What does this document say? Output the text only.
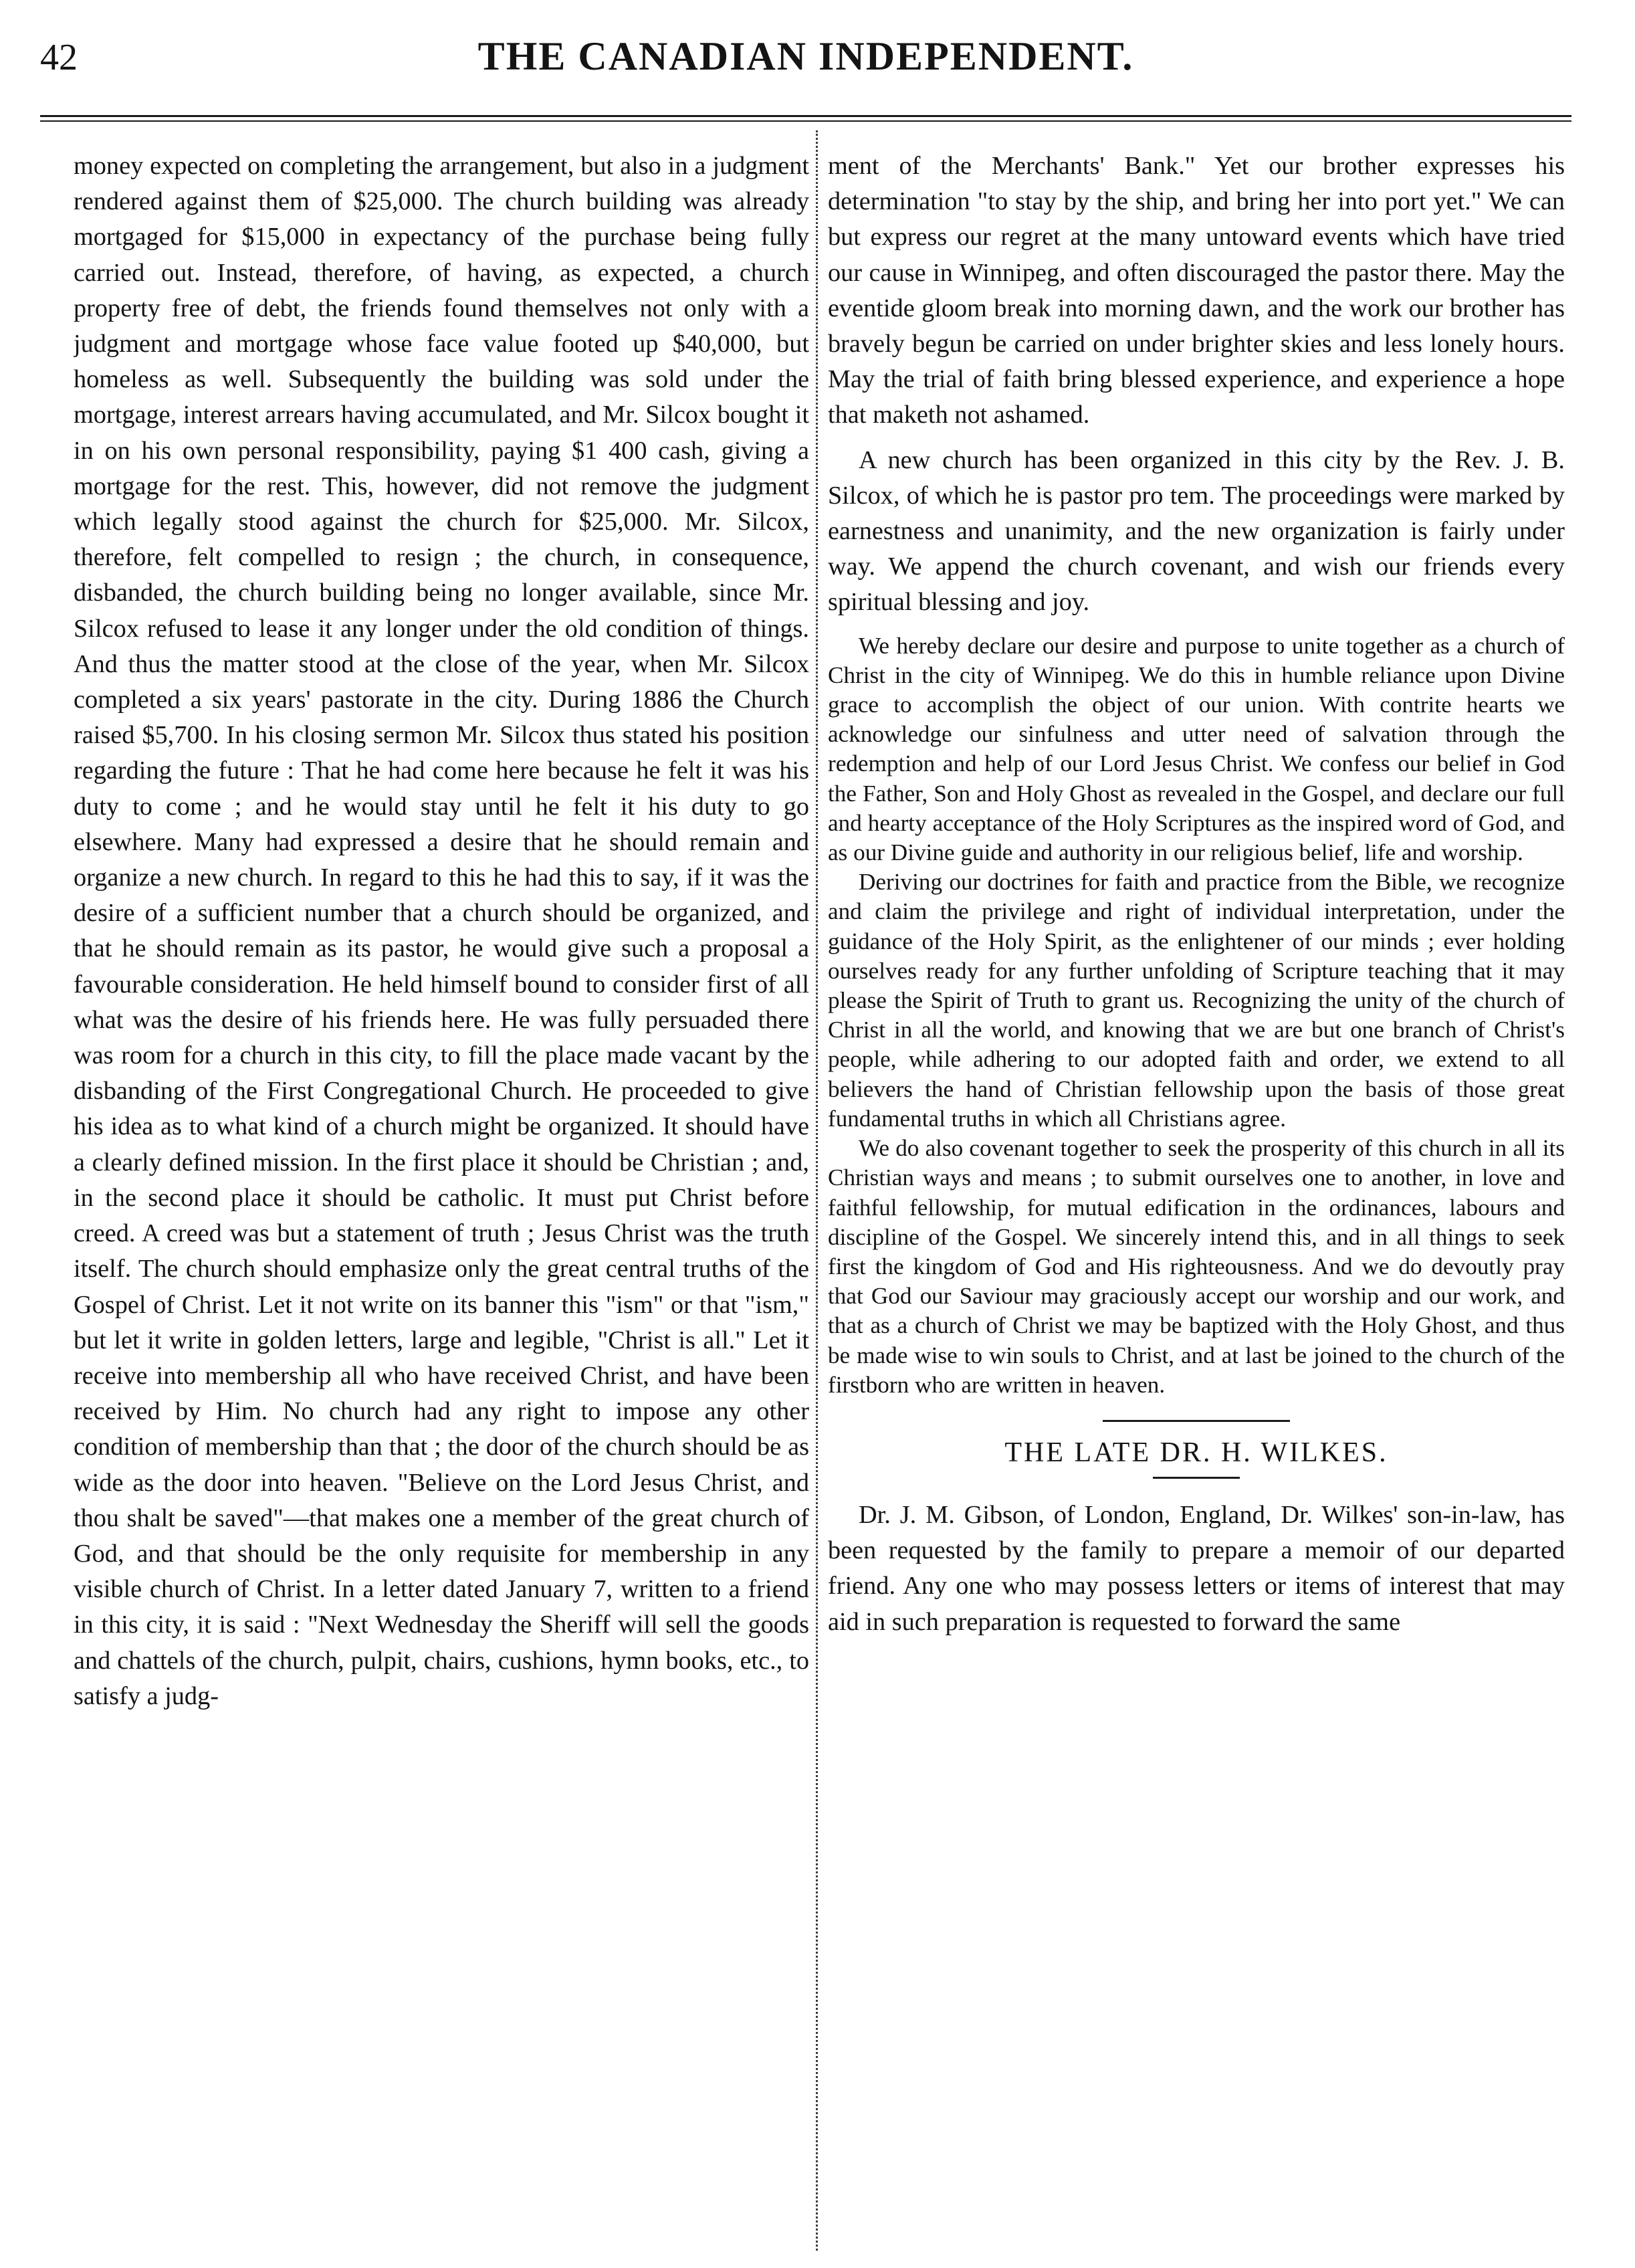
42	THE CANADIAN INDEPENDENT.

money expected on completing the arrangement, but also in a judgment rendered against them of $25,000. The church building was already mortgaged for $15,000 in expectancy of the purchase being fully carried out. Instead, therefore, of having, as expected, a church property free of debt, the friends found themselves not only with a judgment and mortgage whose face value footed up $40,000, but homeless as well. Subsequently the building was sold under the mortgage, interest arrears having accumulated, and Mr. Silcox bought it in on his own personal responsibility, paying $1 400 cash, giving a mortgage for the rest. This, however, did not remove the judgment which legally stood against the church for $25,000. Mr. Silcox, therefore, felt compelled to resign ; the church, in consequence, disbanded, the church building being no longer available, since Mr. Silcox refused to lease it any longer under the old condition of things. And thus the matter stood at the close of the year, when Mr. Silcox completed a six years' pastorate in the city. During 1886 the Church raised $5,700. In his closing sermon Mr. Silcox thus stated his position regarding the future : That he had come here because he felt it was his duty to come ; and he would stay until he felt it his duty to go elsewhere. Many had expressed a desire that he should remain and organize a new church. In regard to this he had this to say, if it was the desire of a sufficient number that a church should be organized, and that he should remain as its pastor, he would give such a proposal a favourable consideration. He held himself bound to consider first of all what was the desire of his friends here. He was fully persuaded there was room for a church in this city, to fill the place made vacant by the disbanding of the First Congregational Church. He proceeded to give his idea as to what kind of a church might be organized. It should have a clearly defined mission. In the first place it should be Christian ; and, in the second place it should be catholic. It must put Christ before creed. A creed was but a statement of truth ; Jesus Christ was the truth itself. The church should emphasize only the great central truths of the Gospel of Christ. Let it not write on its banner this "ism" or that "ism," but let it write in golden letters, large and legible, "Christ is all." Let it receive into membership all who have received Christ, and have been received by Him. No church had any right to impose any other condition of membership than that ; the door of the church should be as wide as the door into heaven. "Believe on the Lord Jesus Christ, and thou shalt be saved"—that makes one a member of the great church of God, and that should be the only requisite for membership in any visible church of Christ. In a letter dated January 7, written to a friend in this city, it is said : "Next Wednesday the Sheriff will sell the goods and chattels of the church, pulpit, chairs, cushions, hymn books, etc., to satisfy a judg-

ment of the Merchants' Bank." Yet our brother expresses his determination "to stay by the ship, and bring her into port yet." We can but express our regret at the many untoward events which have tried our cause in Winnipeg, and often discouraged the pastor there. May the eventide gloom break into morning dawn, and the work our brother has bravely begun be carried on under brighter skies and less lonely hours. May the trial of faith bring blessed experience, and experience a hope that maketh not ashamed.

A new church has been organized in this city by the Rev. J. B. Silcox, of which he is pastor pro tem. The proceedings were marked by earnestness and unanimity, and the new organization is fairly under way. We append the church covenant, and wish our friends every spiritual blessing and joy.

We hereby declare our desire and purpose to unite together as a church of Christ in the city of Winnipeg. We do this in humble reliance upon Divine grace to accomplish the object of our union. With contrite hearts we acknowledge our sinfulness and utter need of salvation through the redemption and help of our Lord Jesus Christ. We confess our belief in God the Father, Son and Holy Ghost as revealed in the Gospel, and declare our full and hearty acceptance of the Holy Scriptures as the inspired word of God, and as our Divine guide and authority in our religious belief, life and worship.

Deriving our doctrines for faith and practice from the Bible, we recognize and claim the privilege and right of individual interpretation, under the guidance of the Holy Spirit, as the enlightener of our minds ; ever holding ourselves ready for any further unfolding of Scripture teaching that it may please the Spirit of Truth to grant us. Recognizing the unity of the church of Christ in all the world, and knowing that we are but one branch of Christ's people, while adhering to our adopted faith and order, we extend to all believers the hand of Christian fellowship upon the basis of those great fundamental truths in which all Christians agree.

We do also covenant together to seek the prosperity of this church in all its Christian ways and means ; to submit ourselves one to another, in love and faithful fellowship, for mutual edification in the ordinances, labours and discipline of the Gospel. We sincerely intend this, and in all things to seek first the kingdom of God and His righteousness. And we do devoutly pray that God our Saviour may graciously accept our worship and our work, and that as a church of Christ we may be baptized with the Holy Ghost, and thus be made wise to win souls to Christ, and at last be joined to the church of the firstborn who are written in heaven.

THE LATE DR. H. WILKES.

Dr. J. M. Gibson, of London, England, Dr. Wilkes' son-in-law, has been requested by the family to prepare a memoir of our departed friend. Any one who may possess letters or items of interest that may aid in such preparation is requested to forward the same
